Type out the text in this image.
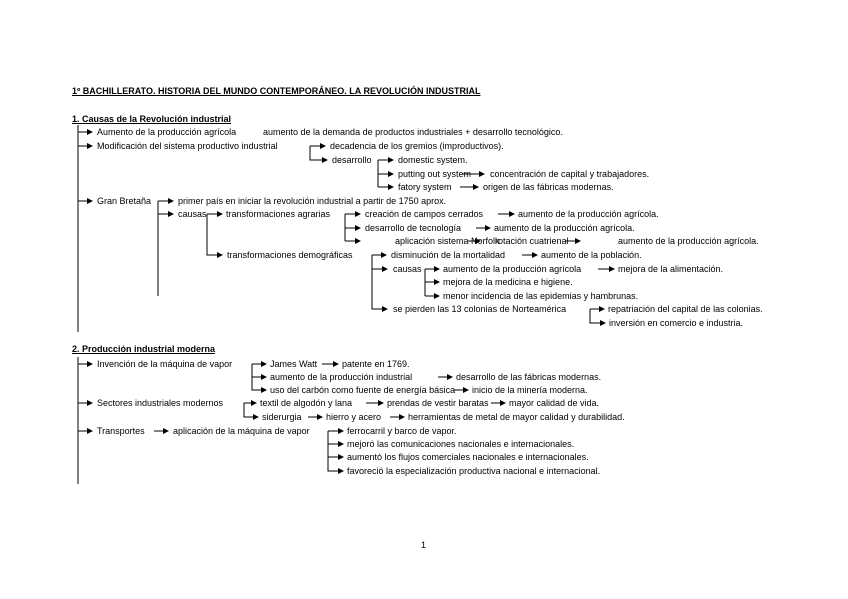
1º BACHILLERATO. HISTORIA DEL MUNDO CONTEMPORÁNEO. LA REVOLUCIÓN INDUSTRIAL
1. Causas de la Revolución industrial
Aumento de la producción agrícola	aumento de la demanda de productos industriales + desarrollo tecnológico.
Modificación del sistema productivo industrial	decadencia de los gremios (improductivos).
desarrollo	domestic system.
putting out system concentración de capital y trabajadores.
fatory system	origen de las fábricas modernas.
Gran Bretaña	primer país en iniciar la revolución industrial a partir de 1750 aprox.
causas transformaciones agrarias	creación de campos cerrados	aumento de la producción agrícola.
desarrollo de tecnología	aumento de la producción agrícola.
aplicación sistema Norfolk
rotación cuatrienal	aumento de la producción agrícola.
transformaciones demográficas	disminución de la mortalidad	aumento de la población.
causas aumento de la producción agrícola	mejora de la alimentación.
mejora de la medicina e higiene.
menor incidencia de las epidemias y hambrunas.
se pierden las 13 colonias de Norteamérica	repatriación del capital de las colonias.
inversión en comercio e industria.
2. Producción industrial moderna
Invención de la máquina de vapor	James Watt	patente en 1769.
aumento de la producción industrial	desarrollo de las fábricas modernas.
uso del carbón como fuente de energía básica inicio de la minería moderna.
Sectores industriales modernos	textil de algodón y lana	prendas de vestir baratas mayor calidad de vida.
siderurgia	hierro y acero	herramientas de metal de mayor calidad y durabilidad.
Transportes	aplicación de la máquina de vapor	ferrocarril y barco de vapor.
mejoró las comunicaciones nacionales e internacionales.
aumentó los flujos comerciales nacionales e internacionales.
favoreció la especialización productiva nacional e internacional.
1
